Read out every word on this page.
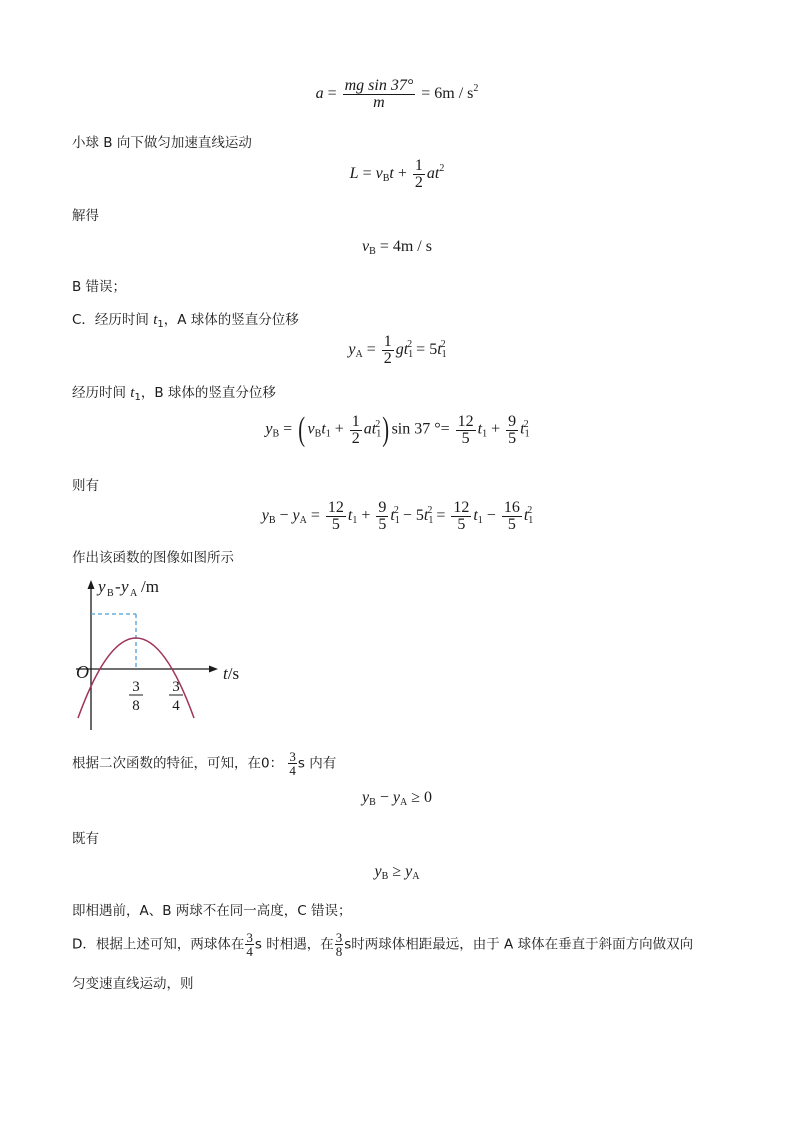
$a = \frac{\text{mg sin 37°}}{m} = 6m / s^2$
小球 B 向下做匀加速直线运动
$L = v_Bt + \frac{1}{2} at^2$
解得
$v_B = 4m / s$
B 错误；
C．经历时间 $t_1$，A 球体的竖直分位移
$y_A = \frac{1}{2} gt_1^2 = 5t_1^2$
经历时间 $t_1$，B 球体的竖直分位移
$y_B$ = ( $v_Bt_1 + \frac{1}{2} at_1^2$) sin 37 °= $\frac{12}{5} t_1 + \frac{9}{5} t_1^2$
则有
$y_B - y_A = \frac{12}{5} t_1 + \frac{9}{5} t_1^2 - 5t_1^2 = \frac{12}{5} t_1 - \frac{16}{5} t_1^2$
作出该函数的图像如图所示
y B - y A /m
O	t/s
3
8
3
4
根据二次函数的特征，可知，在0： $\frac{3}{4}$ s 内有
$y_B - y_A \ge 0$
既有
$y_B \ge y_A$
即相遇前，A、B 两球不在同一高度，C 错误；
D．根据上述可知，两球体在 $\frac{3}{4}$ s 时相遇，在 $\frac{3}{8}$ s时两球体相距最远，由于 A 球体在垂直于斜面方向做双向
匀变速直线运动，则
